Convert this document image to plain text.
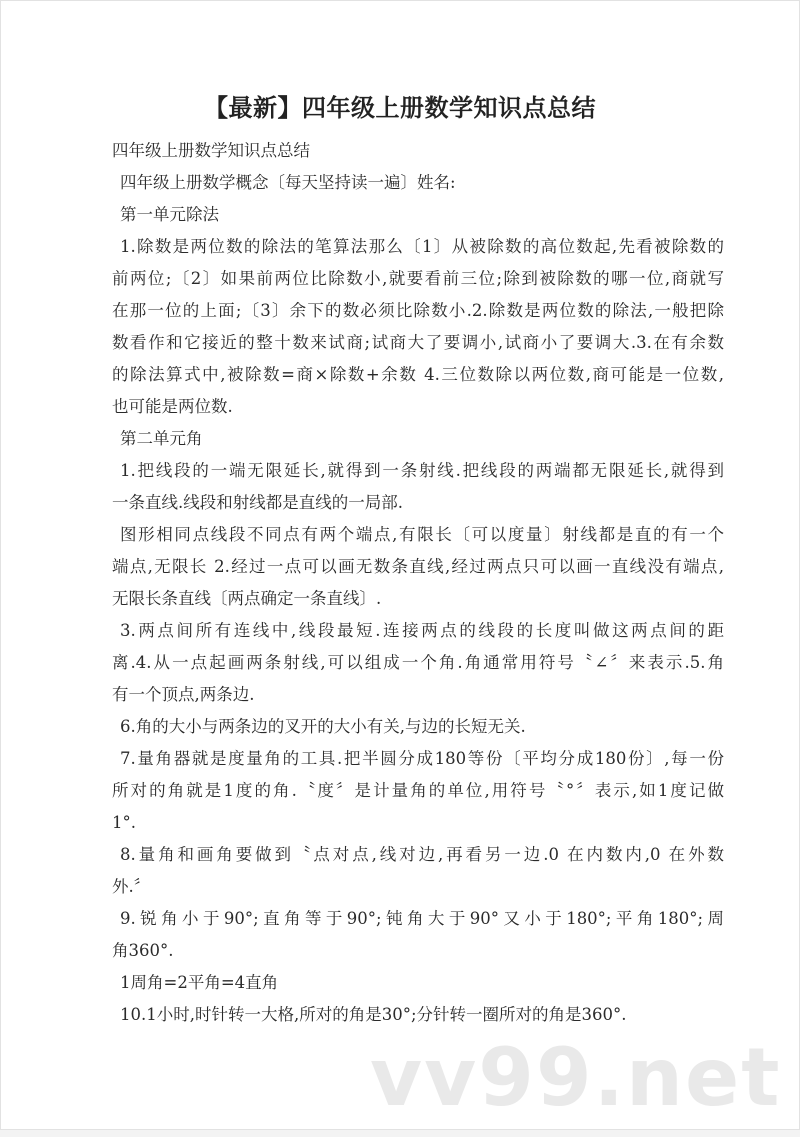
【最新】四年级上册数学知识点总结
四年级上册数学知识点总结
四年级上册数学概念〔每天坚持读一遍〕姓名:
第一单元除法
1.除数是两位数的除法的笔算法那么〔1〕从被除数的高位数起,先看被除数的
前两位;〔2〕如果前两位比除数小,就要看前三位;除到被除数的哪一位,商就写
在那一位的上面;〔3〕余下的数必须比除数小.2.除数是两位数的除法,一般把除
数看作和它接近的整十数来试商;试商大了要调小,试商小了要调大.3.在有余数
的除法算式中,被除数=商×除数+余数 4.三位数除以两位数,商可能是一位数,
也可能是两位数.
第二单元角
1.把线段的一端无限延长,就得到一条射线.把线段的两端都无限延长,就得到
一条直线.线段和射线都是直线的一局部.
图形相同点线段不同点有两个端点,有限长〔可以度量〕射线都是直的有一个
端点,无限长 2.经过一点可以画无数条直线,经过两点只可以画一直线没有端点,
无限长条直线〔两点确定一条直线〕.
3.两点间所有连线中,线段最短.连接两点的线段的长度叫做这两点间的距
离.4.从一点起画两条射线,可以组成一个角.角通常用符号〝∠〞来表示.5.角
有一个顶点,两条边.
6.角的大小与两条边的叉开的大小有关,与边的长短无关.
7.量角器就是度量角的工具.把半圆分成180等份〔平均分成180份〕,每一份
所对的角就是1度的角.〝度〞是计量角的单位,用符号〝°〞表示,如1度记做
1°.
8.量角和画角要做到〝点对点,线对边,再看另一边.0 在内数内,0 在外数
外.〞
9.锐角小于90°;直角等于90°;钝角大于90°又小于180°;平角180°;周
角360°.
1周角=2平角=4直角
10.1小时,时针转一大格,所对的角是30°;分针转一圈所对的角是360°.
vv99.net
